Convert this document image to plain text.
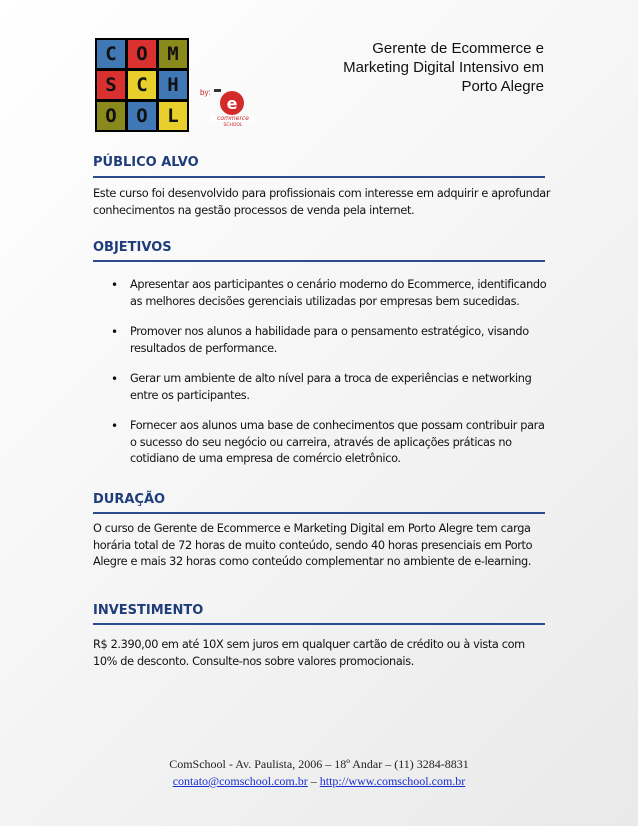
C	O	M
S	C	H
O	O	L
by:
e
commerce
SCHOOL
Gerente de Ecommerce e
Marketing Digital Intensivo em
Porto Alegre
PÚBLICO ALVO
Este curso foi desenvolvido para profissionais com interesse em adquirir e aprofundar conhecimentos na gestão processos de venda pela internet.
OBJETIVOS
• Apresentar aos participantes o cenário moderno do Ecommerce, identificando as melhores decisões gerenciais utilizadas por empresas bem sucedidas.
• Promover nos alunos a habilidade para o pensamento estratégico, visando resultados de performance.
• Gerar um ambiente de alto nível para a troca de experiências e networking entre os participantes.
• Fornecer aos alunos uma base de conhecimentos que possam contribuir para o sucesso do seu negócio ou carreira, através de aplicações práticas no cotidiano de uma empresa de comércio eletrônico.
DURAÇÃO
O curso de Gerente de Ecommerce e Marketing Digital em Porto Alegre tem carga horária total de 72 horas de muito conteúdo, sendo 40 horas presenciais em Porto Alegre e mais 32 horas como conteúdo complementar no ambiente de e-learning.
INVESTIMENTO
R$ 2.390,00 em até 10X sem juros em qualquer cartão de crédito ou à vista com 10% de desconto. Consulte-nos sobre valores promocionais.
ComSchool - Av. Paulista, 2006 – 18º Andar – (11) 3284-8831
contato@comschool.com.br – http://www.comschool.com.br
